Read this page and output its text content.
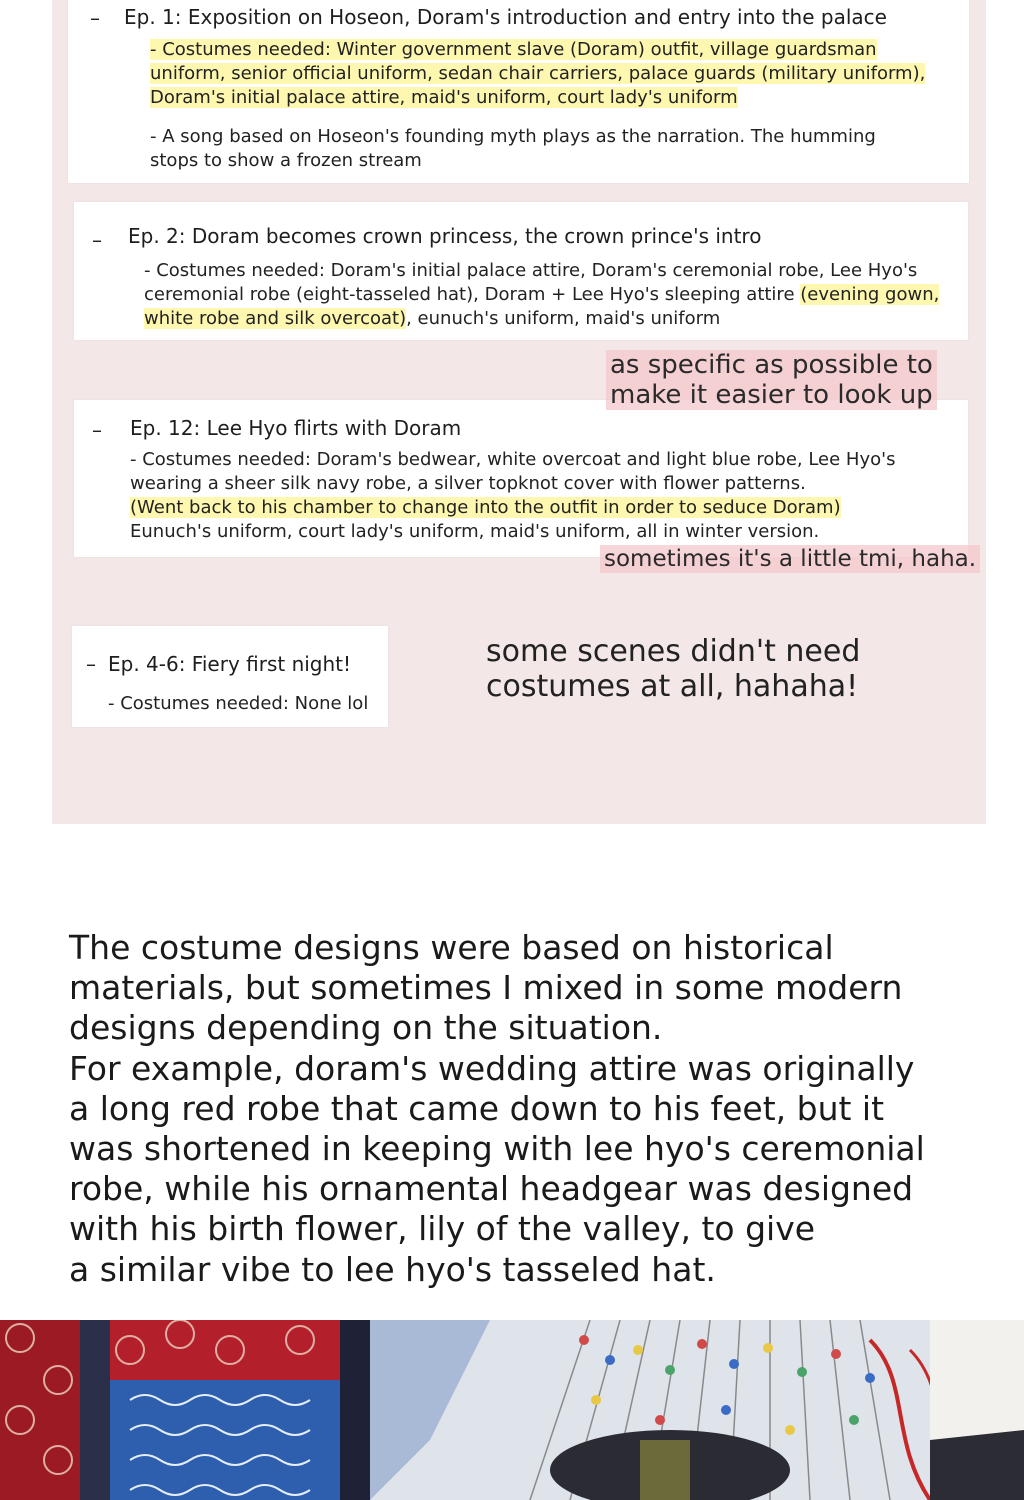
– Ep. 1: Exposition on Hoseon, Doram's introduction and entry into the palace
- Costumes needed: Winter government slave (Doram) outfit, village guardsman
uniform, senior official uniform, sedan chair carriers, palace guards (military uniform),
Doram's initial palace attire, maid's uniform, court lady's uniform
- A song based on Hoseon's founding myth plays as the narration. The humming
stops to show a frozen stream
– Ep. 2: Doram becomes crown princess, the crown prince's intro
- Costumes needed: Doram's initial palace attire, Doram's ceremonial robe, Lee Hyo's
ceremonial robe (eight-tasseled hat), Doram + Lee Hyo's sleeping attire (evening gown,
white robe and silk overcoat), eunuch's uniform, maid's uniform
– Ep. 12: Lee Hyo flirts with Doram
- Costumes needed: Doram's bedwear, white overcoat and light blue robe, Lee Hyo's
wearing a sheer silk navy robe, a silver topknot cover with flower patterns.
(Went back to his chamber to change into the outfit in order to seduce Doram)
Eunuch's uniform, court lady's uniform, maid's uniform, all in winter version.
– Ep. 4-6: Fiery first night!
- Costumes needed: None lol
as specific as possible to
make it easier to look up
sometimes it's a little tmi, haha.
some scenes didn't need
costumes at all, hahaha!
The costume designs were based on historical
materials, but sometimes I mixed in some modern
designs depending on the situation.
For example, doram's wedding attire was originally
a long red robe that came down to his feet, but it
was shortened in keeping with lee hyo's ceremonial
robe, while his ornamental headgear was designed
with his birth flower, lily of the valley, to give
a similar vibe to lee hyo's tasseled hat.
